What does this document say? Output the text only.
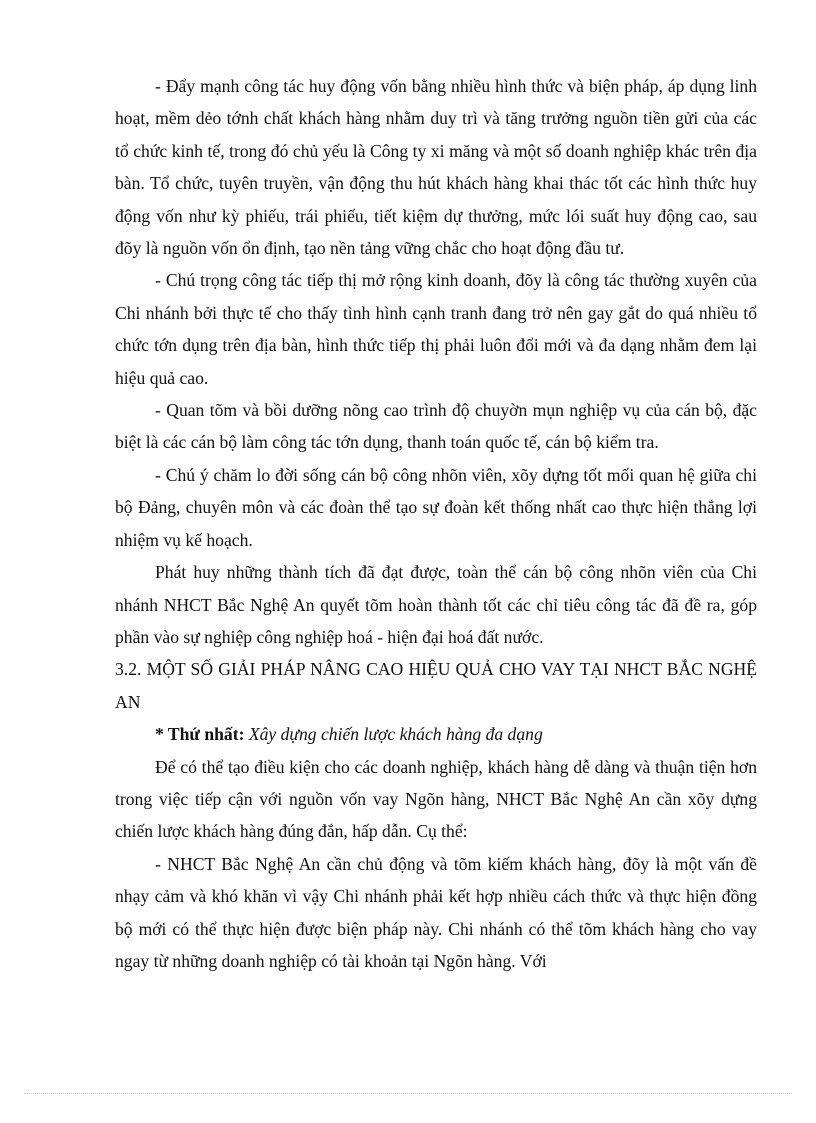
- Đẩy mạnh công tác huy động vốn bằng nhiều hình thức và biện pháp, áp dụng linh hoạt, mềm dẻo tớnh chất khách hàng nhằm duy trì và tăng trưởng nguồn tiền gửi của các tổ chức kinh tế, trong đó chủ yếu là Công ty xi măng và một số doanh nghiệp khác trên địa bàn. Tổ chức, tuyên truyền, vận động thu hút khách hàng khai thác tốt các hình thức huy động vốn như kỳ phiếu, trái phiếu, tiết kiệm dự thưởng, mức lói suất huy động cao, sau đõy là nguồn vốn ổn định, tạo nền tảng vững chắc cho hoạt động đầu tư.

- Chú trọng công tác tiếp thị mở rộng kinh doanh, đõy là công tác thường xuyên của Chi nhánh bởi thực tế cho thấy tình hình cạnh tranh đang trở nên gay gắt do quá nhiều tổ chức tớn dụng trên địa bàn, hình thức tiếp thị phải luôn đổi mới và đa dạng nhằm đem lại hiệu quả cao.

- Quan tõm và bồi dưỡng nõng cao trình độ chuyờn mụn nghiệp vụ của cán bộ, đặc biệt là các cán bộ làm công tác tớn dụng, thanh toán quốc tế, cán bộ kiểm tra.

- Chú ý chăm lo đời sống cán bộ công nhõn viên, xõy dựng tốt mối quan hệ giữa chi bộ Đảng, chuyên môn và các đoàn thể tạo sự đoàn kết thống nhất cao thực hiện thắng lợi nhiệm vụ kế hoạch.

Phát huy những thành tích đã đạt được, toàn thể cán bộ công nhõn viên của Chi nhánh NHCT Bắc Nghệ An quyết tõm hoàn thành tốt các chỉ tiêu công tác đã đề ra, góp phần vào sự nghiệp công nghiệp hoá - hiện đại hoá đất nước.

3.2. MỘT SỐ GIẢI PHÁP NÂNG CAO HIỆU QUẢ CHO VAY TẠI NHCT BẮC NGHỆ AN

* Thứ nhất: Xây dựng chiến lược khách hàng đa dạng

Để có thể tạo điều kiện cho các doanh nghiệp, khách hàng dễ dàng và thuận tiện hơn trong việc tiếp cận với nguồn vốn vay Ngõn hàng, NHCT Bắc Nghệ An cần xõy dựng chiến lược khách hàng đúng đắn, hấp dẫn. Cụ thể:

- NHCT Bắc Nghệ An cần chủ động và tõm kiếm khách hàng, đõy là một vấn đề nhạy cảm và khó khăn vì vậy Chi nhánh phải kết hợp nhiều cách thức và thực hiện đồng bộ mới có thể thực hiện được biện pháp này. Chi nhánh có thể tõm khách hàng cho vay ngay từ những doanh nghiệp có tài khoản tại Ngõn hàng. Với
